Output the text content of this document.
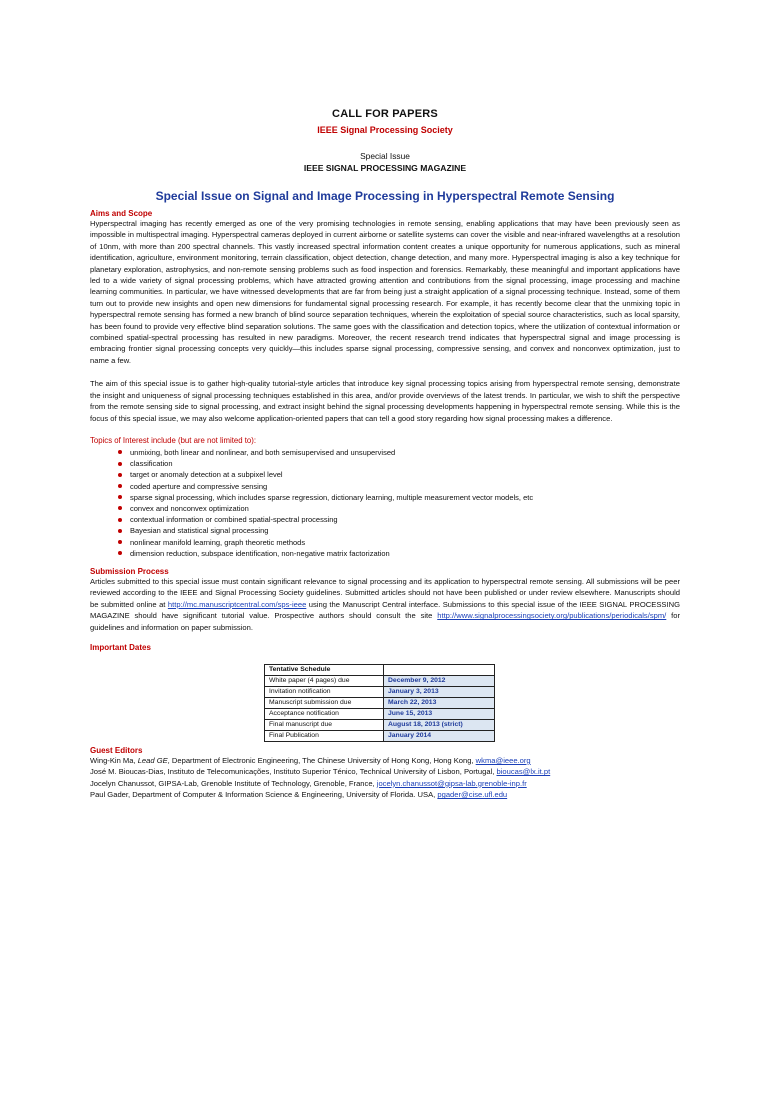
CALL FOR PAPERS
IEEE Signal Processing Society
Special Issue
IEEE SIGNAL PROCESSING MAGAZINE
Special Issue on Signal and Image Processing in Hyperspectral Remote Sensing

Aims and Scope

Hyperspectral imaging has recently emerged as one of the very promising technologies in remote sensing, enabling applications that may have been previously seen as impossible in multispectral imaging. Hyperspectral cameras deployed in current airborne or satellite systems can cover the visible and near-infrared wavelengths at a resolution of 10nm, with more than 200 spectral channels. This vastly increased spectral information content creates a unique opportunity for numerous applications, such as mineral identification, agriculture, environment monitoring, terrain classification, object detection, change detection, and many more. Hyperspectral imaging is also a key technique for planetary exploration, astrophysics, and non-remote sensing problems such as food inspection and forensics. Remarkably, these meaningful and important applications have led to a wide variety of signal processing problems, which have attracted growing attention and contributions from the signal processing, image processing and machine learning communities. In particular, we have witnessed developments that are far from being just a straight application of a signal processing technique. Instead, some of them turn out to provide new insights and open new dimensions for fundamental signal processing research. For example, it has recently become clear that the unmixing topic in hyperspectral remote sensing has formed a new branch of blind source separation techniques, wherein the exploitation of special source characteristics, such as local sparsity, has been found to provide very effective blind separation solutions. The same goes with the classification and detection topics, where the utilization of contextual information or combined spatial-spectral processing has resulted in new paradigms. Moreover, the recent research trend indicates that hyperspectral signal and image processing is embracing frontier signal processing concepts very quickly—this includes sparse signal processing, compressive sensing, and convex and nonconvex optimization, just to name a few.

The aim of this special issue is to gather high-quality tutorial-style articles that introduce key signal processing topics arising from hyperspectral remote sensing, demonstrate the insight and uniqueness of signal processing techniques established in this area, and/or provide overviews of the latest trends. In particular, we wish to shift the perspective from the remote sensing side to signal processing, and extract insight behind the signal processing developments happening in hyperspectral remote sensing. While this is the focus of this special issue, we may also welcome application-oriented papers that can tell a good story regarding how signal processing makes a difference.

Topics of Interest include (but are not limited to):

unmixing, both linear and nonlinear, and both semisupervised and unsupervised
classification
target or anomaly detection at a subpixel level
coded aperture and compressive sensing
sparse signal processing, which includes sparse regression, dictionary learning, multiple measurement vector models, etc
convex and nonconvex optimization
contextual information or combined spatial-spectral processing
Bayesian and statistical signal processing
nonlinear manifold learning, graph theoretic methods
dimension reduction, subspace identification, non-negative matrix factorization

Submission Process

Articles submitted to this special issue must contain significant relevance to signal processing and its application to hyperspectral remote sensing. All submissions will be peer reviewed according to the IEEE and Signal Processing Society guidelines. Submitted articles should not have been published or under review elsewhere. Manuscripts should be submitted online at http://mc.manuscriptcentral.com/sps-ieee using the Manuscript Central interface. Submissions to this special issue of the IEEE SIGNAL PROCESSING MAGAZINE should have significant tutorial value. Prospective authors should consult the site http://www.signalprocessingsociety.org/publications/periodicals/spm/ for guidelines and information on paper submission.

Important Dates

Tentative Schedule	
White paper (4 pages) due	December 9, 2012
Invitation notification	January 3, 2013
Manuscript submission due	March 22, 2013
Acceptance notification	June 15, 2013
Final manuscript due	August 18, 2013 (strict)
Final Publication	January 2014

Guest Editors

Wing-Kin Ma, Lead GE, Department of Electronic Engineering, The Chinese University of Hong Kong, Hong Kong, wkma@ieee.org

José M. Bioucas-Dias, Instituto de Telecomunicações, Instituto Superior Ténico, Technical University of Lisbon, Portugal, bioucas@lx.it.pt

Jocelyn Chanussot, GIPSA-Lab, Grenoble Institute of Technology, Grenoble, France, jocelyn.chanussot@gipsa-lab.grenoble-inp.fr

Paul Gader, Department of Computer & Information Science & Engineering, University of Florida. USA, pgader@cise.ufl.edu
